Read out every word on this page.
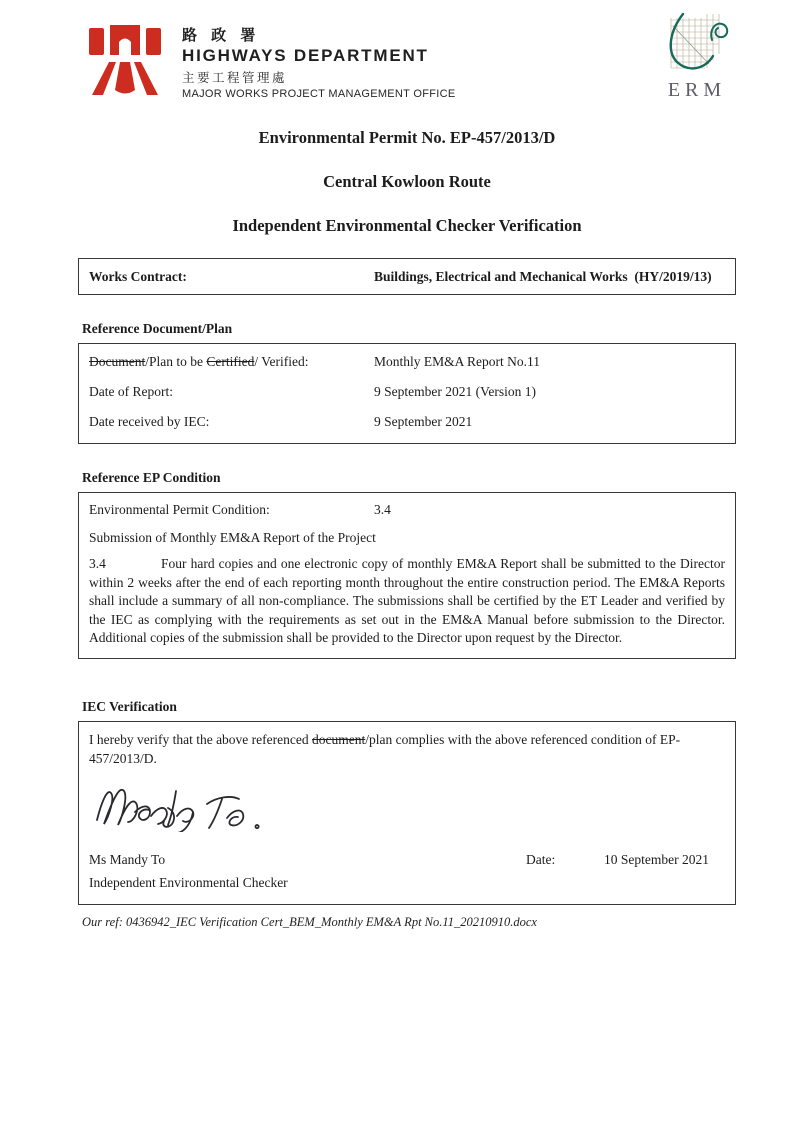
路 政 署
HIGHWAYS DEPARTMENT
主要工程管理處
MAJOR WORKS PROJECT MANAGEMENT OFFICE	ERM
Environmental Permit No. EP-457/2013/D
Central Kowloon Route
Independent Environmental Checker Verification
Works Contract:	Buildings, Electrical and Mechanical Works  (HY/2019/13)
Reference Document/Plan
Document/Plan to be Certified/ Verified:	Monthly EM&A Report No.11
Date of Report:	9 September 2021 (Version 1)
Date received by IEC:	9 September 2021
Reference EP Condition
Environmental Permit Condition:	3.4
Submission of Monthly EM&A Report of the Project
3.4	Four hard copies and one electronic copy of monthly EM&A Report shall be submitted to the Director within 2 weeks after the end of each reporting month throughout the entire construction period. The EM&A Reports shall include a summary of all non-compliance. The submissions shall be certified by the ET Leader and verified by the IEC as complying with the requirements as set out in the EM&A Manual before submission to the Director. Additional copies of the submission shall be provided to the Director upon request by the Director.
IEC Verification
I hereby verify that the above referenced document/plan complies with the above referenced condition of EP-457/2013/D.
Ms Mandy To	Date:	10 September 2021
Independent Environmental Checker
Our ref: 0436942_IEC Verification Cert_BEM_Monthly EM&A Rpt No.11_20210910.docx
